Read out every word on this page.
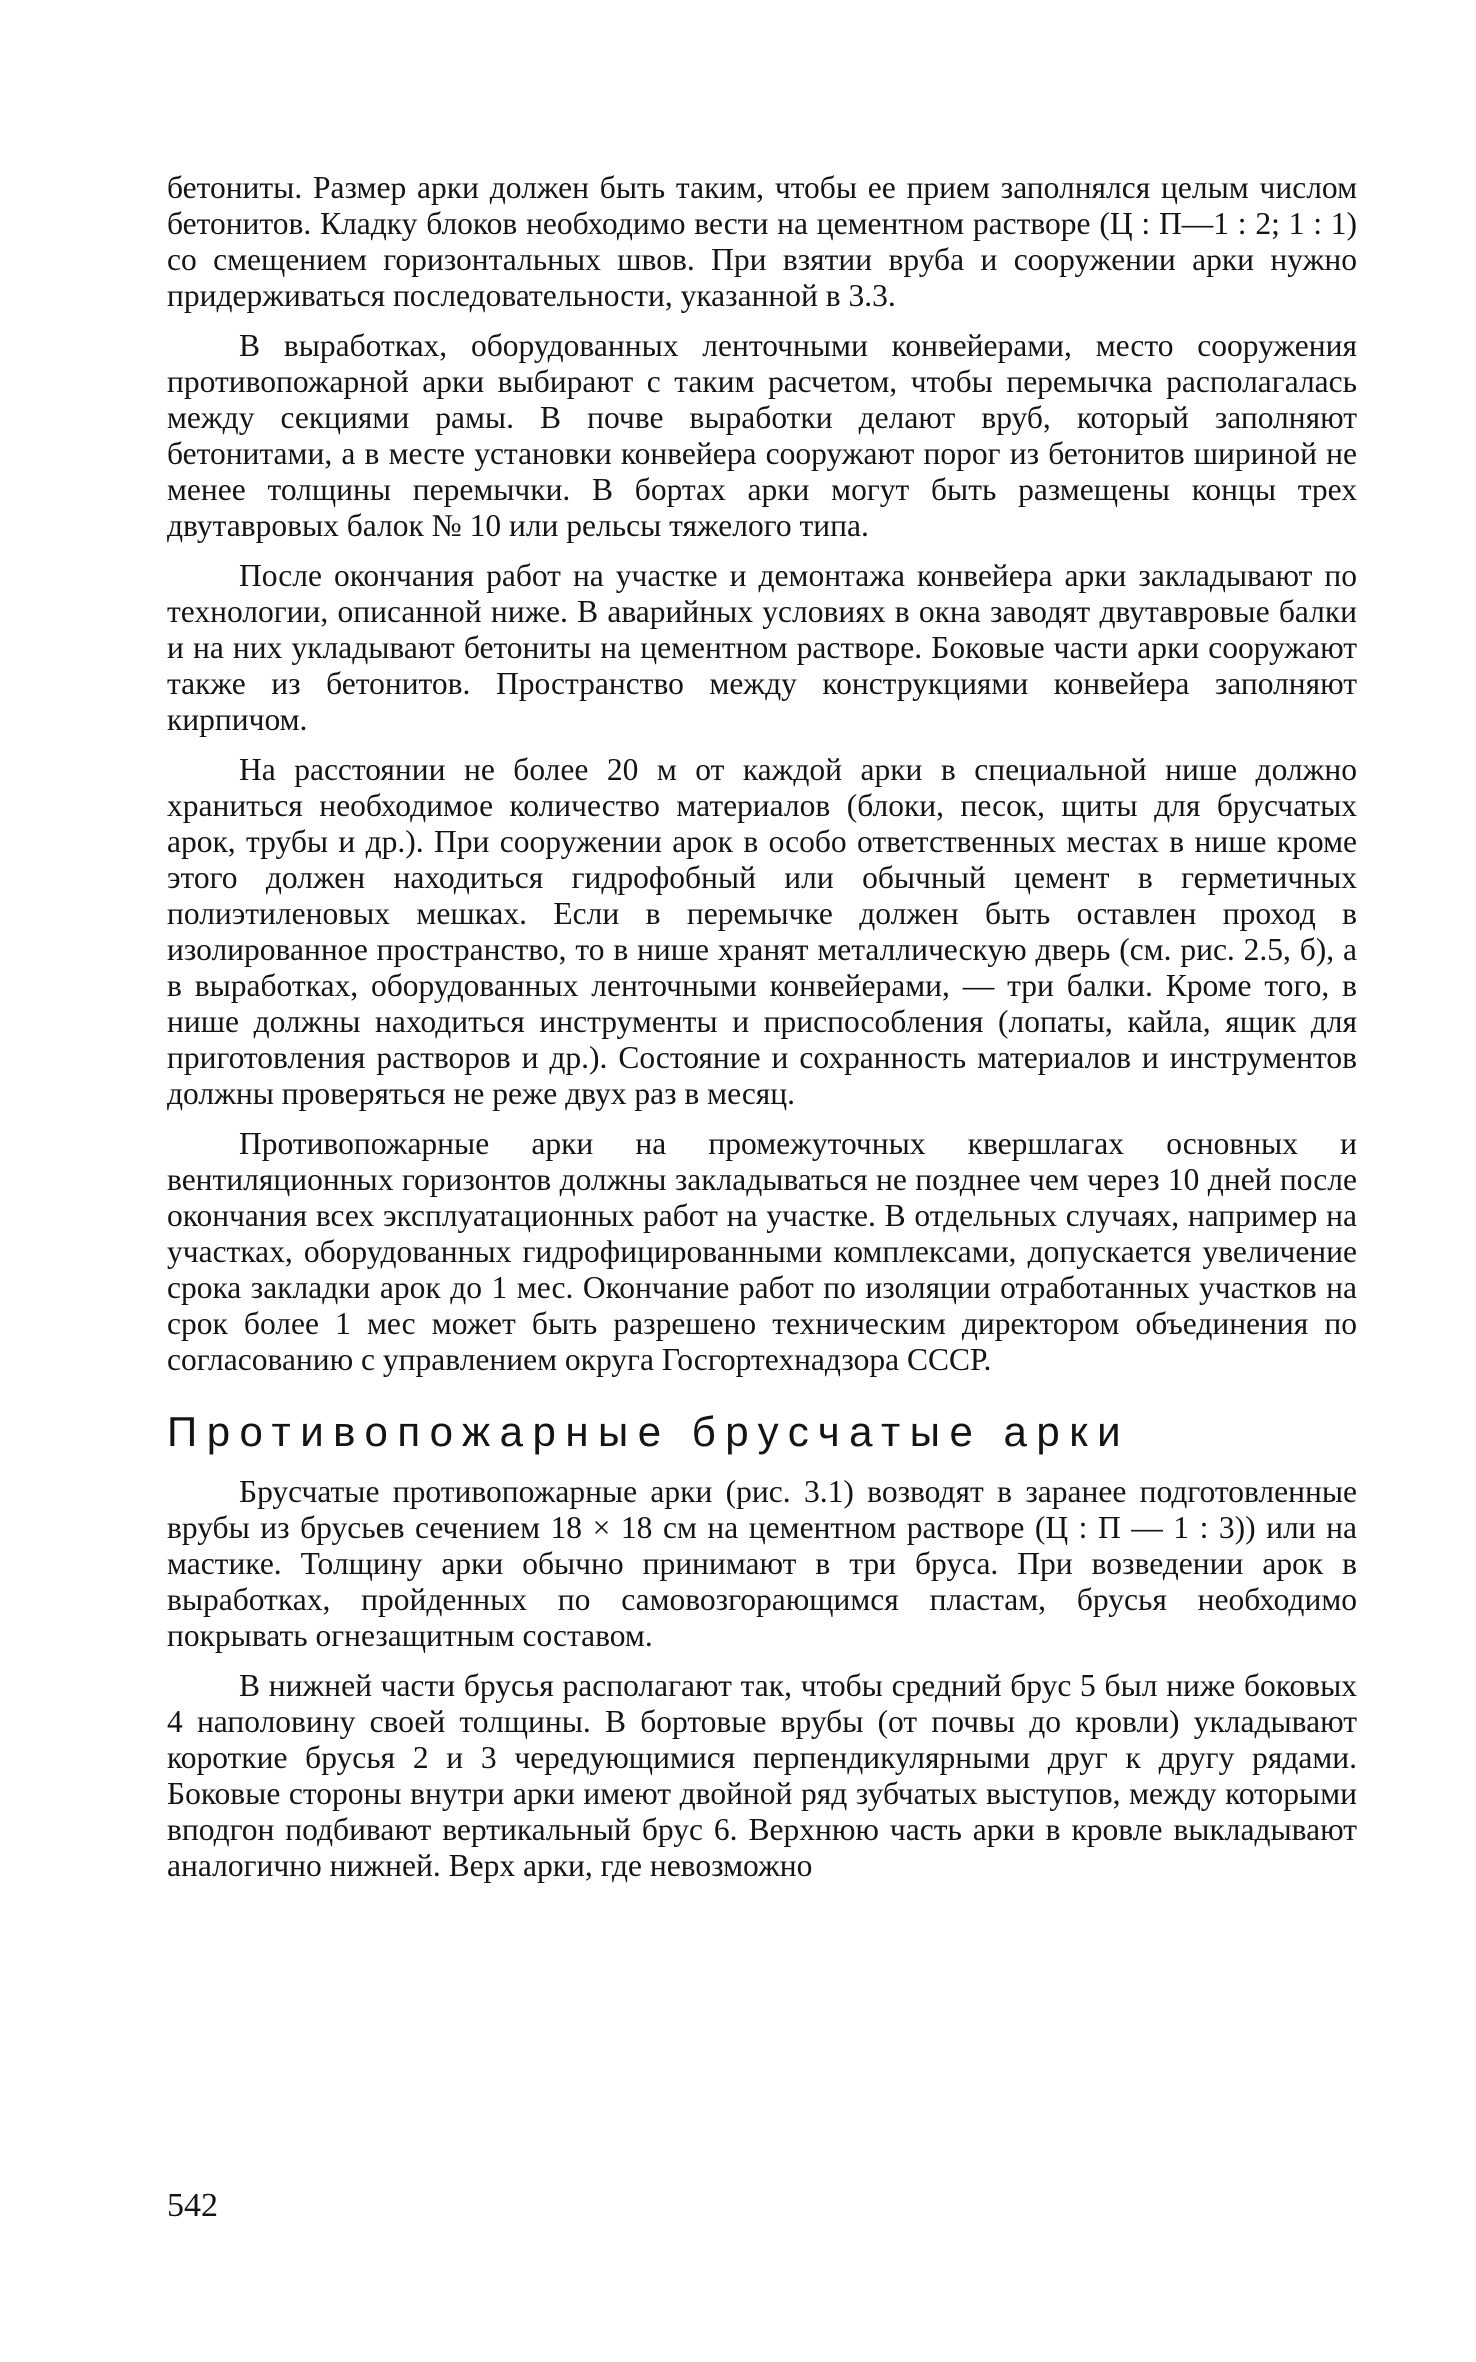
бетониты. Размер арки должен быть таким, чтобы ее прием заполнялся целым числом бетонитов. Кладку блоков необходимо вести на цементном растворе (Ц : П—1 : 2; 1 : 1) со смещением горизонтальных швов. При взятии вруба и сооружении арки нужно придерживаться последовательности, указанной в 3.3.

В выработках, оборудованных ленточными конвейерами, место сооружения противопожарной арки выбирают с таким расчетом, чтобы перемычка располагалась между секциями рамы. В почве выработки делают вруб, который заполняют бетонитами, а в месте установки конвейера сооружают порог из бетонитов шириной не менее толщины перемычки. В бортах арки могут быть размещены концы трех двутавровых балок № 10 или рельсы тяжелого типа.

После окончания работ на участке и демонтажа конвейера арки закладывают по технологии, описанной ниже. В аварийных условиях в окна заводят двутавровые балки и на них укладывают бетониты на цементном растворе. Боковые части арки сооружают также из бетонитов. Пространство между конструкциями конвейера заполняют кирпичом.

На расстоянии не более 20 м от каждой арки в специальной нише должно храниться необходимое количество материалов (блоки, песок, щиты для брусчатых арок, трубы и др.). При сооружении арок в особо ответственных местах в нише кроме этого должен находиться гидрофобный или обычный цемент в герметичных полиэтиленовых мешках. Если в перемычке должен быть оставлен проход в изолированное пространство, то в нише хранят металлическую дверь (см. рис. 2.5, б), а в выработках, оборудованных ленточными конвейерами, — три балки. Кроме того, в нише должны находиться инструменты и приспособления (лопаты, кайла, ящик для приготовления растворов и др.). Состояние и сохранность материалов и инструментов должны проверяться не реже двух раз в месяц.

Противопожарные арки на промежуточных квершлагах основных и вентиляционных горизонтов должны закладываться не позднее чем через 10 дней после окончания всех эксплуатационных работ на участке. В отдельных случаях, например на участках, оборудованных гидрофицированными комплексами, допускается увеличение срока закладки арок до 1 мес. Окончание работ по изоляции отработанных участков на срок более 1 мес может быть разрешено техническим директором объединения по согласованию с управлением округа Госгортехнадзора СССР.

Противопожарные брусчатые арки

Брусчатые противопожарные арки (рис. 3.1) возводят в заранее подготовленные врубы из брусьев сечением 18 × 18 см на цементном растворе (Ц : П — 1 : 3)) или на мастике. Толщину арки обычно принимают в три бруса. При возведении арок в выработках, пройденных по самовозгорающимся пластам, брусья необходимо покрывать огнезащитным составом.

В нижней части брусья располагают так, чтобы средний брус 5 был ниже боковых 4 наполовину своей толщины. В бортовые врубы (от почвы до кровли) укладывают короткие брусья 2 и 3 чередующимися перпендикулярными друг к другу рядами. Боковые стороны внутри арки имеют двойной ряд зубчатых выступов, между которыми вподгон подбивают вертикальный брус 6. Верхнюю часть арки в кровле выкладывают аналогично нижней. Верх арки, где невозможно

542
